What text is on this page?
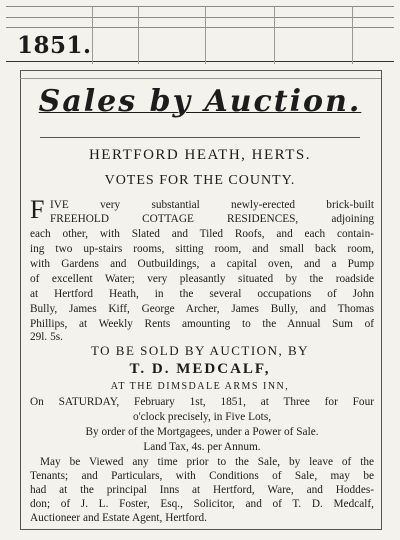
1851.
Sales by Auction.
HERTFORD HEATH, HERTS.
VOTES FOR THE COUNTY.
F IVE very substantial newly-erected brick-built
FREEHOLD COTTAGE RESIDENCES, adjoining
each other, with Slated and Tiled Roofs, and each contain-
ing two up-stairs rooms, sitting room, and small back room,
with Gardens and Outbuildings, a capital oven, and a Pump
of excellent Water; very pleasantly situated by the roadside
at Hertford Heath, in the several occupations of John
Bully, James Kiff, George Archer, James Bully, and Thomas
Phillips, at Weekly Rents amounting to the Annual Sum of
29l. 5s.
TO BE SOLD BY AUCTION, BY
T. D. MEDCALF,
AT THE DIMSDALE ARMS INN,
On SATURDAY, February 1st, 1851, at Three for Four
o'clock precisely, in Five Lots,
By order of the Mortgagees, under a Power of Sale.
Land Tax, 4s. per Annum.
May be Viewed any time prior to the Sale, by leave of the
Tenants; and Particulars, with Conditions of Sale, may be
had at the principal Inns at Hertford, Ware, and Hoddes-
don; of J. L. Foster, Esq., Solicitor, and of T. D. Medcalf,
Auctioneer and Estate Agent, Hertford.
